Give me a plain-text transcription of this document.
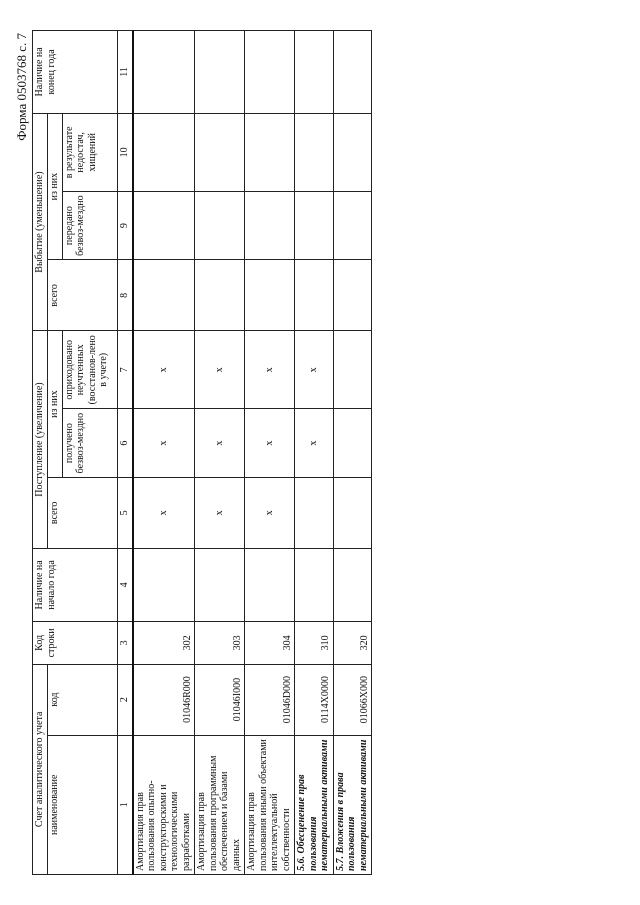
Форма 0503768 с. 7
Счет аналитического учета		Код строки	Наличие на начало года	Поступление (увеличение)			Выбытие (уменьшение)			Наличие на конец года
наименование	код			всего	из них		всего	из них		
					получено безвоз-мездно	оприходовано неучтенных (восстанов-лено в учете)		передано безвоз-мездно	в результате недостач, хищений	
1	2	3	4	5	6	7	8	9	10	11
Амортизация прав пользования опытно-конструкторскими и технологическими разработками	01046R000	302		x	x	x				
Амортизация прав пользования программным обеспечением и базами данных	01046I000	303		x	x	x				
Амортизация прав пользования иными объектами интеллектуальной собственности	01046D000	304		x	x	x				
5.6. Обесценение прав пользования нематериальными активами	0114X0000	310			x	x				
5.7. Вложения в права пользования нематериальными активами	01066X000	320								
